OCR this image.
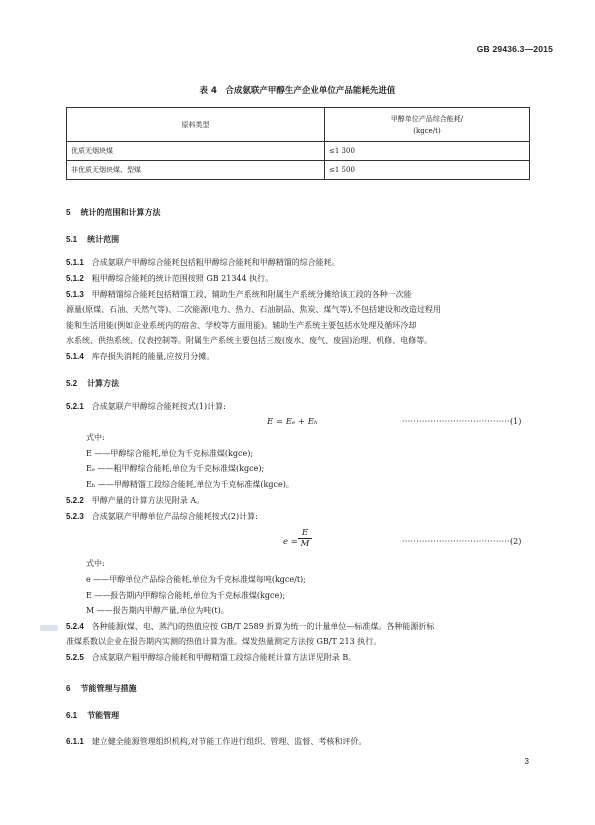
GB 29436.3—2015
表 4　合成氨联产甲醇生产企业单位产品能耗先进值
原料类型	甲醇单位产品综合能耗/
(kgce/t)
优质无烟块煤	≤1 300
非优质无烟块煤、型煤	≤1 500
5 统计的范围和计算方法
5.1 统计范围
5.1.1 合成氨联产甲醇综合能耗包括粗甲醇综合能耗和甲醇精馏的综合能耗。
5.1.2 粗甲醇综合能耗的统计范围按照 GB 21344 执行。
5.1.3 甲醇精馏综合能耗包括精馏工段、辅助生产系统和附属生产系统分摊给该工段的各种一次能
源量(原煤、石油、天然气等)、二次能源(电力、热力、石油制品、焦炭、煤气等),不包括建设和改造过程用
能和生活用能(例如企业系统内的宿舍、学校等方面用能)。辅助生产系统主要包括水处理及循环冷却
水系统、供热系统、仪表控制等。附属生产系统主要包括三废(废水、废气、废固)治理、机修、电修等。
5.1.4 库存损失消耗的能量,应按月分摊。
5.2 计算方法
5.2.1 合成氨联产甲醇综合能耗按式(1)计算:
E = Eₑ + Eₕ	·······································
(1)
式中:
E ——甲醇综合能耗,单位为千克标准煤(kgce);
Eₑ ——粗甲醇综合能耗,单位为千克标准煤(kgce);
Eₕ ——甲醇精馏工段综合能耗,单位为千克标准煤(kgce)。
5.2.2 甲醇产量的计算方法见附录 A。
5.2.3 合成氨联产甲醇单位产品综合能耗按式(2)计算:
$e = \frac{E}{M}$	·······································
(2)
式中:
e ——甲醇单位产品综合能耗,单位为千克标准煤每吨(kgce/t);
E ——报告期内甲醇综合能耗,单位为千克标准煤(kgce);
M ——报告期内甲醇产量,单位为吨(t)。
5.2.4 各种能源(煤、电、蒸汽)的热值应按 GB/T 2589 折算为统一的计量单位—标准煤。各种能源折标
准煤系数以企业在报告期内实测的热值计算为准。煤发热量测定方法按 GB/T 213 执行。
5.2.5 合成氨联产粗甲醇综合能耗和甲醇精馏工段综合能耗计算方法详见附录 B。
6 节能管理与措施
6.1 节能管理
6.1.1 建立健全能源管理组织机构,对节能工作进行组织、管理、监督、考核和评价。
3
